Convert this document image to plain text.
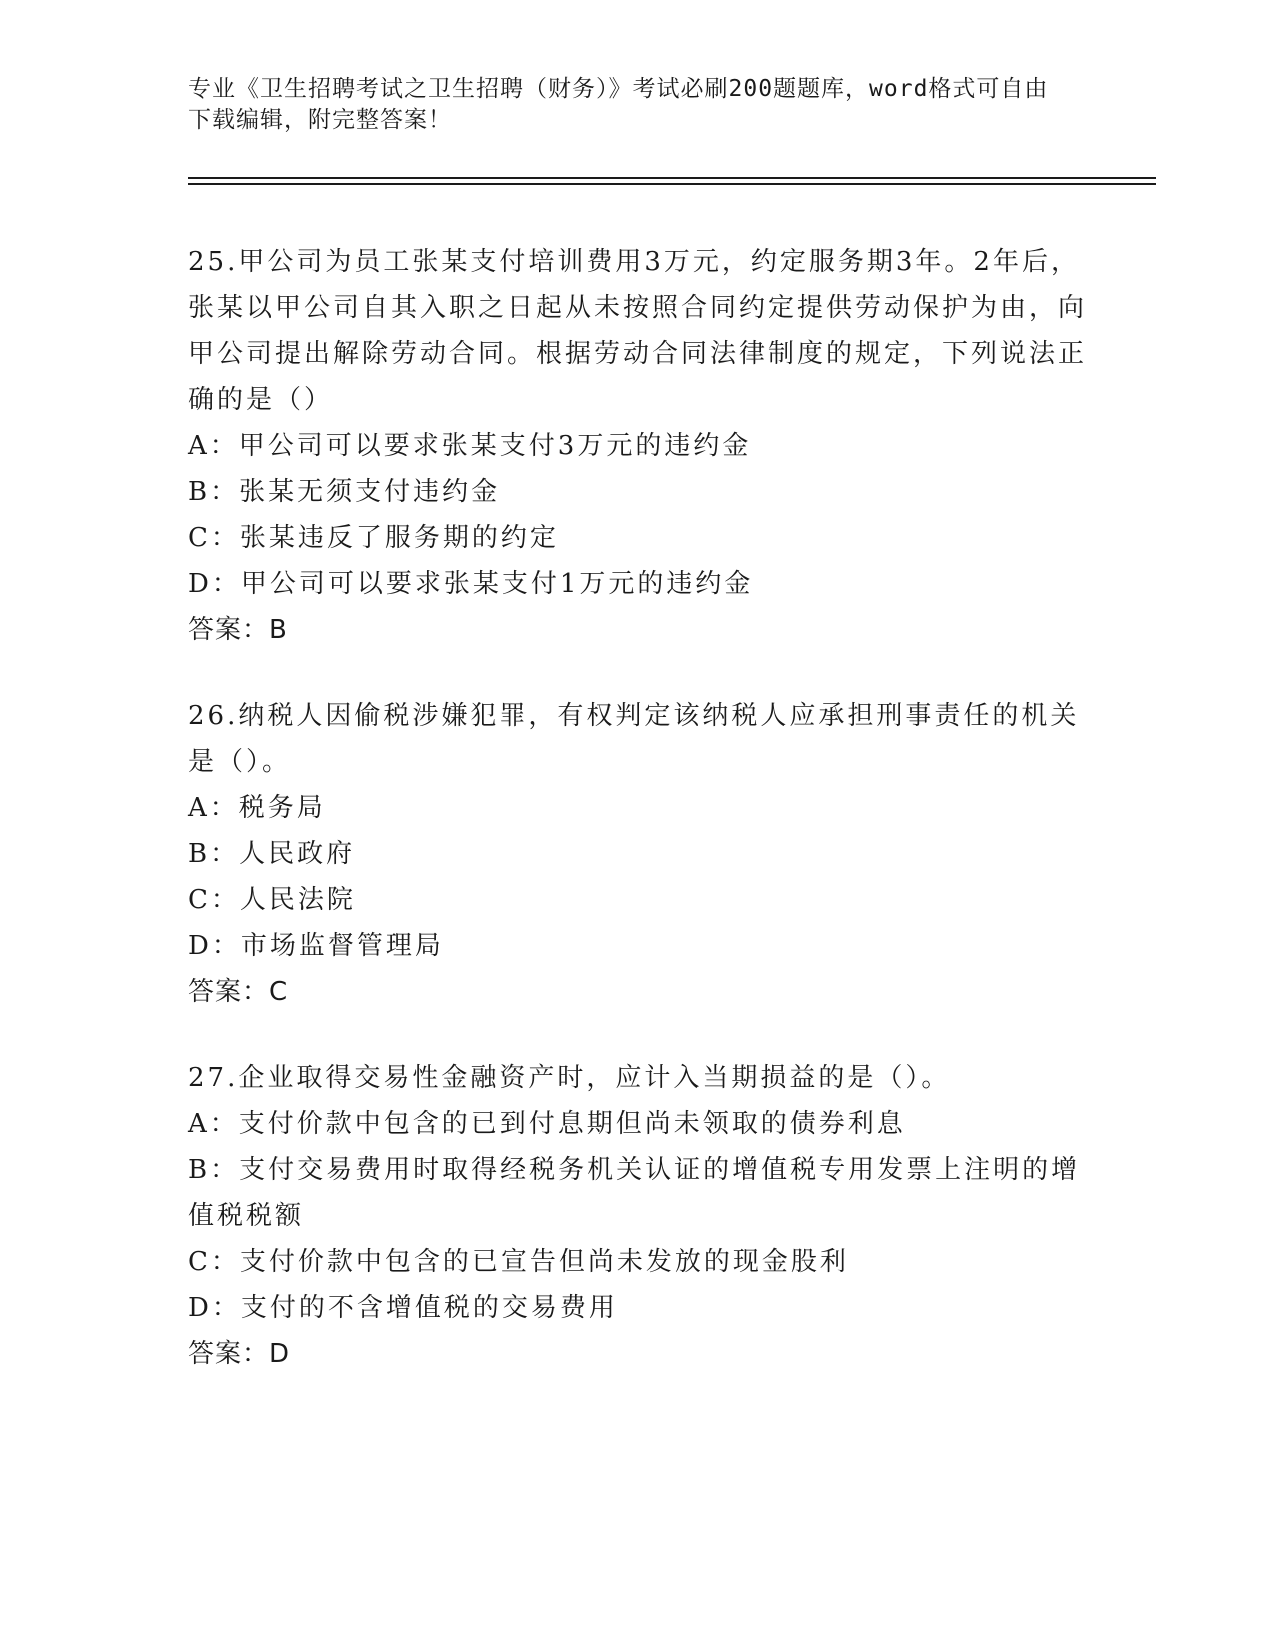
专业《卫生招聘考试之卫生招聘（财务）》考试必刷200题题库，word格式可自由下载编辑，附完整答案！
25.甲公司为员工张某支付培训费用3万元，约定服务期3年。2年后，张某以甲公司自其入职之日起从未按照合同约定提供劳动保护为由，向甲公司提出解除劳动合同。根据劳动合同法律制度的规定，下列说法正确的是（）
A：甲公司可以要求张某支付3万元的违约金
B：张某无须支付违约金
C：张某违反了服务期的约定
D：甲公司可以要求张某支付1万元的违约金
答案：B
26.纳税人因偷税涉嫌犯罪，有权判定该纳税人应承担刑事责任的机关是（）。
A：税务局
B：人民政府
C：人民法院
D：市场监督管理局
答案：C
27.企业取得交易性金融资产时，应计入当期损益的是（）。
A：支付价款中包含的已到付息期但尚未领取的债券利息
B：支付交易费用时取得经税务机关认证的增值税专用发票上注明的增值税税额
C：支付价款中包含的已宣告但尚未发放的现金股利
D：支付的不含增值税的交易费用
答案：D
